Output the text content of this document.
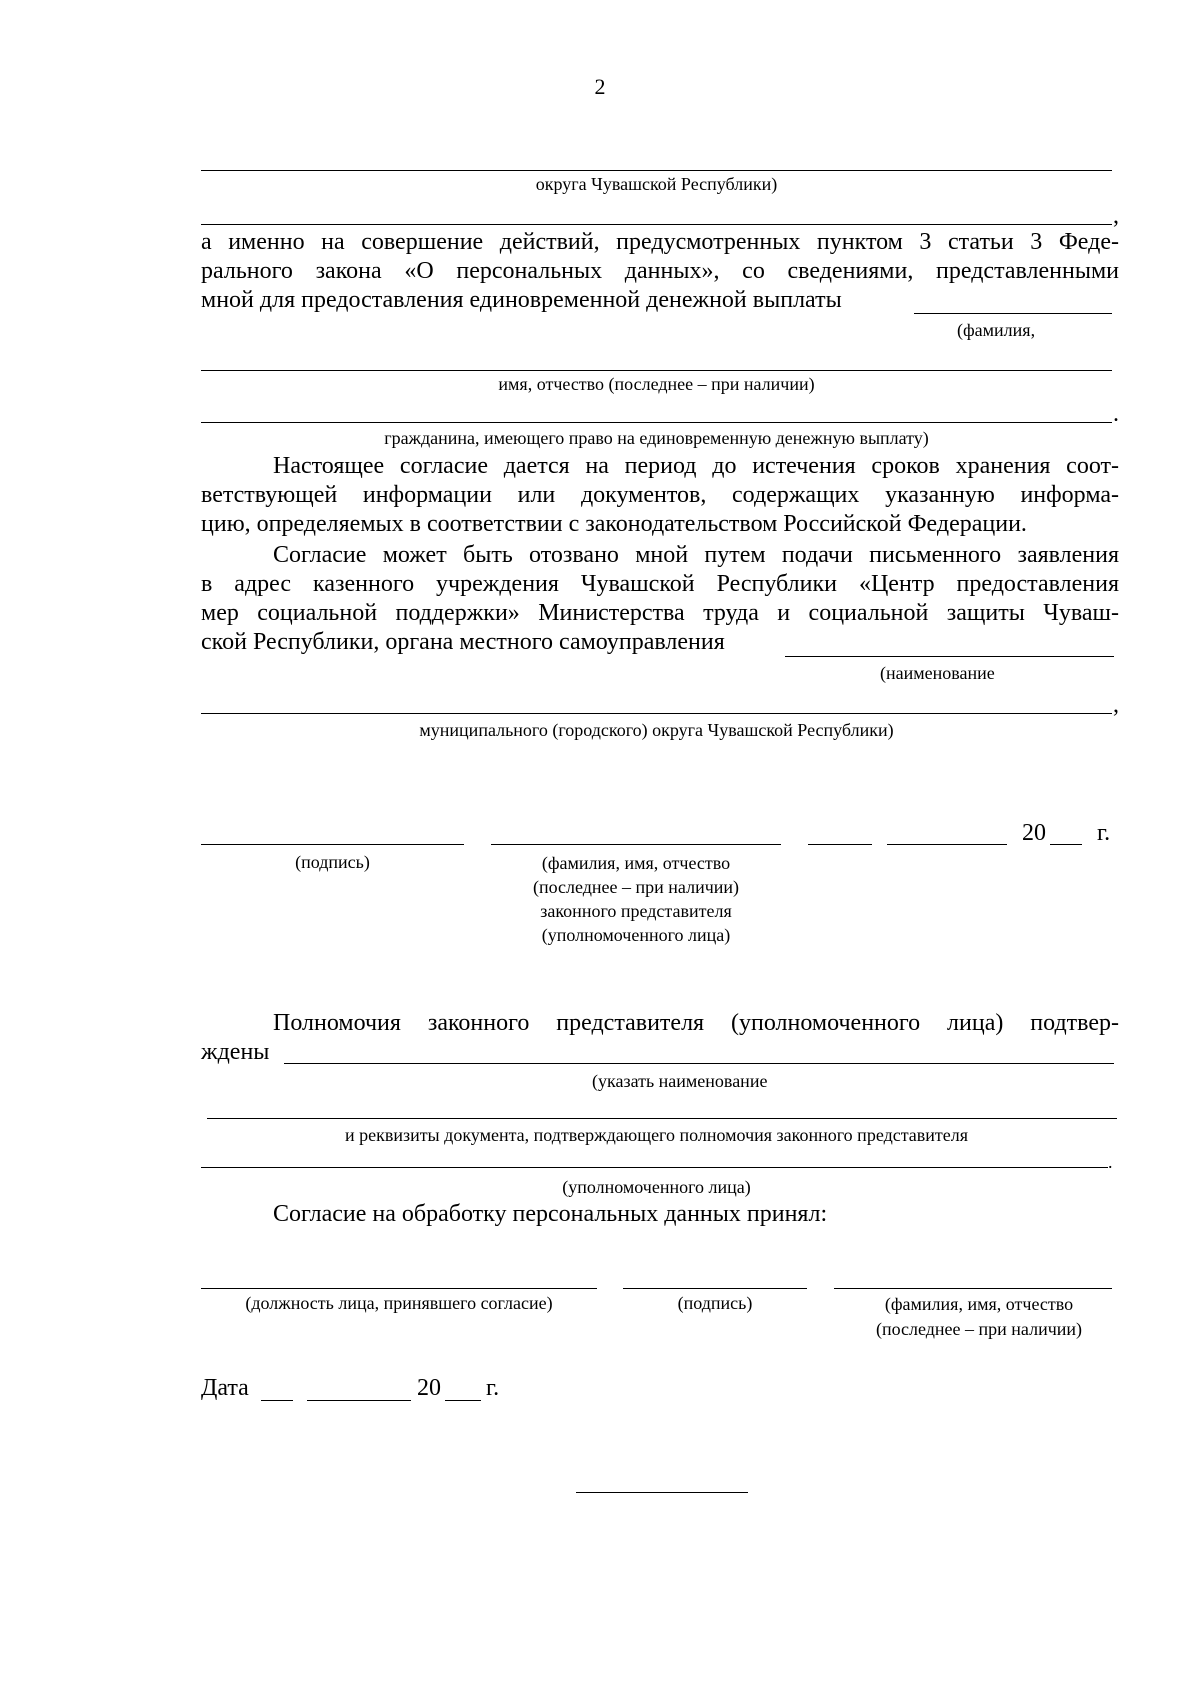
2
округа Чувашской Республики)
,
а именно на совершение действий, предусмотренных пунктом 3 статьи 3 Феде-
рального закона «О персональных данных», со сведениями, представленными
мной для предоставления единовременной денежной выплаты
(фамилия,
имя, отчество (последнее – при наличии)
.
гражданина, имеющего право на единовременную денежную выплату)
Настоящее согласие дается на период до истечения сроков хранения соот-
ветствующей информации или документов, содержащих указанную информа-
цию, определяемых в соответствии с законодательством Российской Федерации.
Согласие может быть отозвано мной путем подачи письменного заявления
в адрес казенного учреждения Чувашской Республики «Центр предоставления
мер социальной поддержки» Министерства труда и социальной защиты Чуваш-
ской Республики, органа местного самоуправления
(наименование
,
муниципального (городского) округа Чувашской Республики)
20 г.
(подпись)	(фамилия, имя, отчество
(последнее – при наличии)
законного представителя
(уполномоченного лица)
Полномочия законного представителя (уполномоченного лица) подтвер-
ждены
(указать наименование
и реквизиты документа, подтверждающего полномочия законного представителя
.
(уполномоченного лица)
Согласие на обработку персональных данных принял:
(должность лица, принявшего согласие)	(подпись)	(фамилия, имя, отчество
(последнее – при наличии)
Дата	20 г.
